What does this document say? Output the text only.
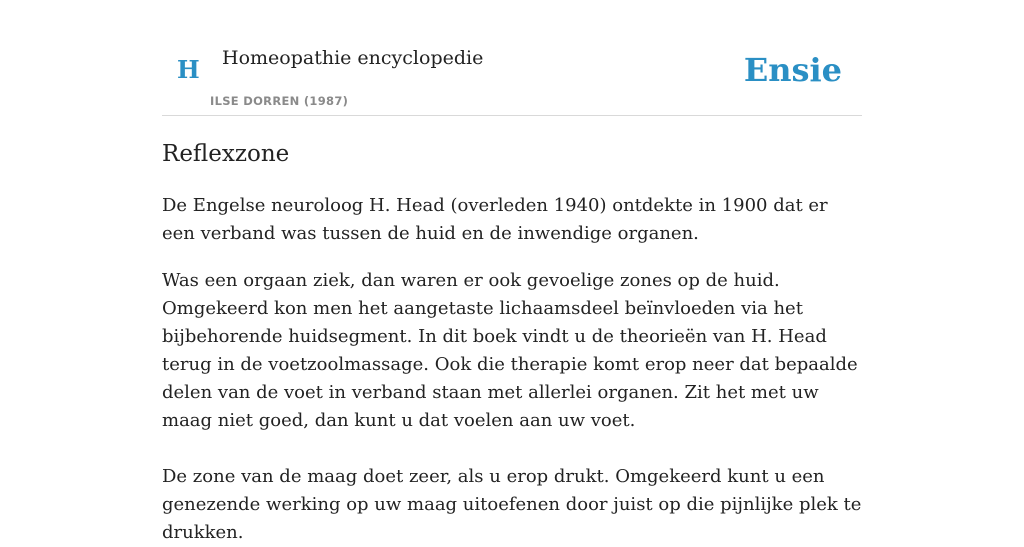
H Homeopathie encyclopedie
ILSE DORREN (1987)
Ensie
Reflexzone

De Engelse neuroloog H. Head (overleden 1940) ontdekte in 1900 dat er een verband was tussen de huid en de inwendige organen.

Was een orgaan ziek, dan waren er ook gevoelige zones op de huid. Omgekeerd kon men het aangetaste lichaamsdeel beïnvloeden via het bijbehorende huidsegment. In dit boek vindt u de theorieën van H. Head terug in de voetzoolmassage. Ook die therapie komt erop neer dat bepaalde delen van de voet in verband staan met allerlei organen. Zit het met uw maag niet goed, dan kunt u dat voelen aan uw voet.

De zone van de maag doet zeer, als u erop drukt. Omgekeerd kunt u een genezende werking op uw maag uitoefenen door juist op die pijnlijke plek te drukken.
